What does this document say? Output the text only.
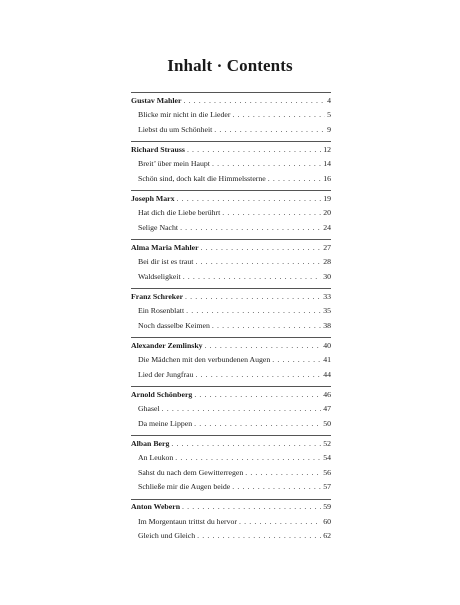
Inhalt · Contents
Gustav Mahler . . .	4
Blicke mir nicht in die Lieder . . .	5
Liebst du um Schönheit . . .	9
Richard Strauss . . .	12
Breit’ über mein Haupt . . .	14
Schön sind, doch kalt die Himmelssterne . . .	16
Joseph Marx . . .	19
Hat dich die Liebe berührt . . .	20
Selige Nacht . . .	24
Alma Maria Mahler . . .	27
Bei dir ist es traut . . .	28
Waldseligkeit . . .	30
Franz Schreker . . .	33
Ein Rosenblatt . . .	35
Noch dasselbe Keimen . . .	38
Alexander Zemlinsky . . .	40
Die Mädchen mit den verbundenen Augen . . .	41
Lied der Jungfrau . . .	44
Arnold Schönberg . . .	46
Ghasel . . .	47
Da meine Lippen . . .	50
Alban Berg . . .	52
An Leukon . . .	54
Sahst du nach dem Gewitterregen . . .	56
Schließe mir die Augen beide . . .	57
Anton Webern . . .	59
Im Morgentaun trittst du hervor . . .	60
Gleich und Gleich . . .	62
